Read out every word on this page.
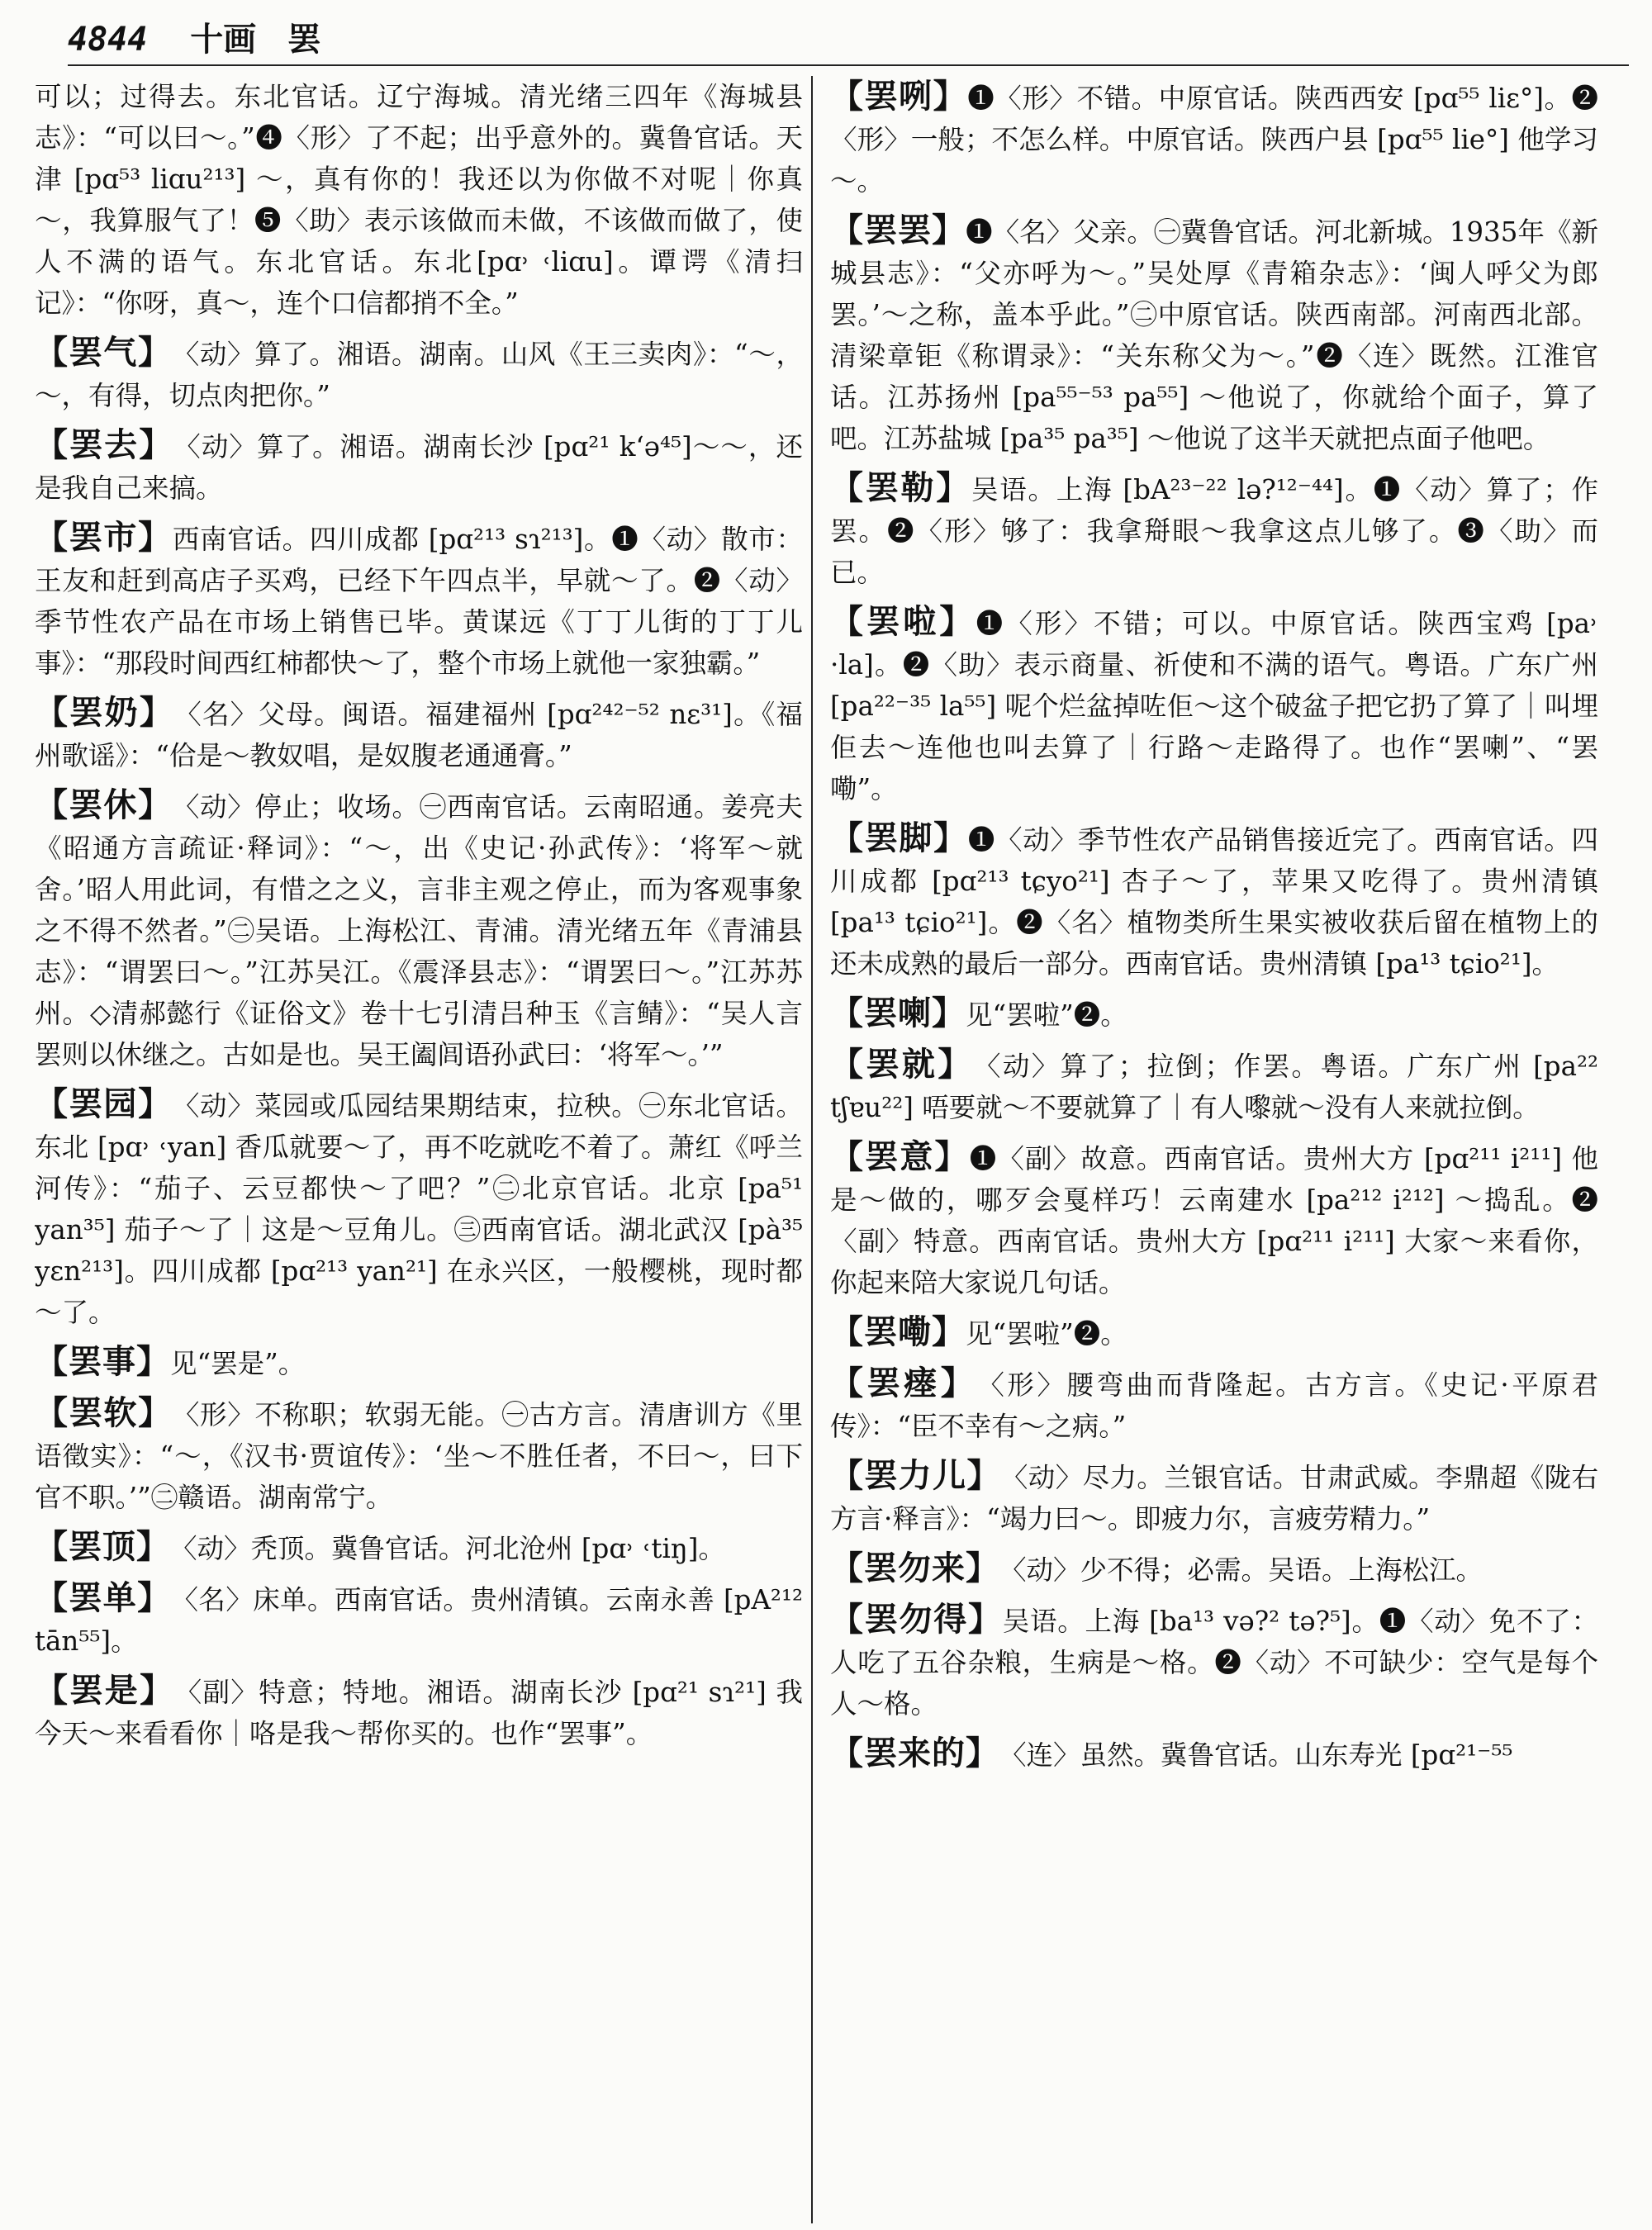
4844 十画 罢

可以；过得去。东北官话。辽宁海城。清光绪三四年《海城县志》：“可以曰～。”❹〈形〉了不起；出乎意外的。冀鲁官话。天津 [pɑ⁵³ liɑu²¹³] ～，真有你的！我还以为你做不对呢｜你真～，我算服气了！❺〈助〉表示该做而未做，不该做而做了，使人不满的语气。东北官话。东北[pɑ˒ ˓liɑu]。谭谔《清扫记》：“你呀，真～，连个口信都捎不全。”

【罢气】

〈动〉算了。湘语。湖南。山风《王三卖肉》：“～，～，有得，切点肉把你。”

【罢去】

〈动〉算了。湘语。湖南长沙 [pɑ²¹ k‘ə⁴⁵]～～，还是我自己来搞。

【罢市】

西南官话。四川成都 [pɑ²¹³ sɿ²¹³]。❶〈动〉散市：王友和赶到高店子买鸡，已经下午四点半，早就～了。❷〈动〉季节性农产品在市场上销售已毕。黄谋远《丁丁儿街的丁丁儿事》：“那段时间西红柿都快～了，整个市场上就他一家独霸。”

【罢奶】

〈名〉父母。闽语。福建福州 [pɑ²⁴²⁻⁵² nɛ³¹]。《福州歌谣》：“佮是～教奴唱，是奴腹老通通膏。”

【罢休】

〈动〉停止；收场。㊀西南官话。云南昭通。姜亮夫《昭通方言疏证·释词》：“～，出《史记·孙武传》：‘将军～就舍。’昭人用此词，有惜之之义，言非主观之停止，而为客观事象之不得不然者。”㊁吴语。上海松江、青浦。清光绪五年《青浦县志》：“谓罢曰～。”江苏吴江。《震泽县志》：“谓罢曰～。”江苏苏州。◇清郝懿行《证俗文》卷十七引清吕种玉《言鲭》：“吴人言罢则以休继之。古如是也。吴王阖闾语孙武曰：‘将军～。’”

【罢园】

〈动〉菜园或瓜园结果期结束，拉秧。㊀东北官话。东北 [pɑ˒ ˓yan] 香瓜就要～了，再不吃就吃不着了。萧红《呼兰河传》：“茄子、云豆都快～了吧？”㊁北京官话。北京 [pa⁵¹ yan³⁵] 茄子～了｜这是～豆角儿。㊂西南官话。湖北武汉 [pà³⁵ yɛn²¹³]。四川成都 [pɑ²¹³ yan²¹] 在永兴区，一般樱桃，现时都～了。

【罢事】

见“罢是”。

【罢软】

〈形〉不称职；软弱无能。㊀古方言。清唐训方《里语徵实》：“～，《汉书·贾谊传》：‘坐～不胜任者，不曰～，曰下官不职。’”㊁赣语。湖南常宁。

【罢顶】

〈动〉秃顶。冀鲁官话。河北沧州 [pɑ˒ ˓tiŋ]。

【罢单】

〈名〉床单。西南官话。贵州清镇。云南永善 [pA²¹² tān⁵⁵]。

【罢是】

〈副〉特意；特地。湘语。湖南长沙 [pɑ²¹ sɿ²¹] 我今天～来看看你｜咯是我～帮你买的。也作“罢事”。

【罢咧】

❶〈形〉不错。中原官话。陕西西安 [pɑ⁵⁵ liɛ°]。❷〈形〉一般；不怎么样。中原官话。陕西户县 [pɑ⁵⁵ lie°] 他学习～。

【罢罢】

❶〈名〉父亲。㊀冀鲁官话。河北新城。1935年《新城县志》：“父亦呼为～。”吴处厚《青箱杂志》：‘闽人呼父为郎罢。’～之称，盖本乎此。”㊁中原官话。陕西南部。河南西北部。清梁章钜《称谓录》：“关东称父为～。”❷〈连〉既然。江淮官话。江苏扬州 [pa⁵⁵⁻⁵³ pa⁵⁵] ～他说了，你就给个面子，算了吧。江苏盐城 [pa³⁵ pa³⁵] ～他说了这半天就把点面子他吧。

【罢勒】

吴语。上海 [bA²³⁻²² lə?¹²⁻⁴⁴]。❶〈动〉算了；作罢。❷〈形〉够了：我拿搿眼～我拿这点儿够了。❸〈助〉而已。

【罢啦】

❶〈形〉不错；可以。中原官话。陕西宝鸡 [pa˒ ·la]。❷〈助〉表示商量、祈使和不满的语气。粤语。广东广州 [pa²²⁻³⁵ la⁵⁵] 呢个烂盆掉咗佢～这个破盆子把它扔了算了｜叫埋佢去～连他也叫去算了｜行路～走路得了。也作“罢喇”、“罢嘞”。

【罢脚】

❶〈动〉季节性农产品销售接近完了。西南官话。四川成都 [pɑ²¹³ tɕyo²¹] 杏子～了，苹果又吃得了。贵州清镇 [pa¹³ tɕio²¹]。❷〈名〉植物类所生果实被收获后留在植物上的还未成熟的最后一部分。西南官话。贵州清镇 [pa¹³ tɕio²¹]。

【罢喇】

见“罢啦”❷。

【罢就】

〈动〉算了；拉倒；作罢。粤语。广东广州 [pa²² tʃɐu²²] 唔要就～不要就算了｜有人嚟就～没有人来就拉倒。

【罢意】

❶〈副〉故意。西南官话。贵州大方 [pɑ²¹¹ i²¹¹] 他是～做的，哪歹会戛样巧！云南建水 [pa²¹² i²¹²] ～捣乱。❷〈副〉特意。西南官话。贵州大方 [pɑ²¹¹ i²¹¹] 大家～来看你，你起来陪大家说几句话。

【罢嘞】

见“罢啦”❷。

【罢瘗】

〈形〉腰弯曲而背隆起。古方言。《史记·平原君传》：“臣不幸有～之病。”

【罢力儿】

〈动〉尽力。兰银官话。甘肃武威。李鼎超《陇右方言·释言》：“竭力曰～。即疲力尔，言疲劳精力。”

【罢勿来】

〈动〉少不得；必需。吴语。上海松江。

【罢勿得】

吴语。上海 [ba¹³ və?² tə?⁵]。❶〈动〉免不了：人吃了五谷杂粮，生病是～格。❷〈动〉不可缺少：空气是每个人～格。

【罢来的】

〈连〉虽然。冀鲁官话。山东寿光 [pɑ²¹⁻⁵⁵
